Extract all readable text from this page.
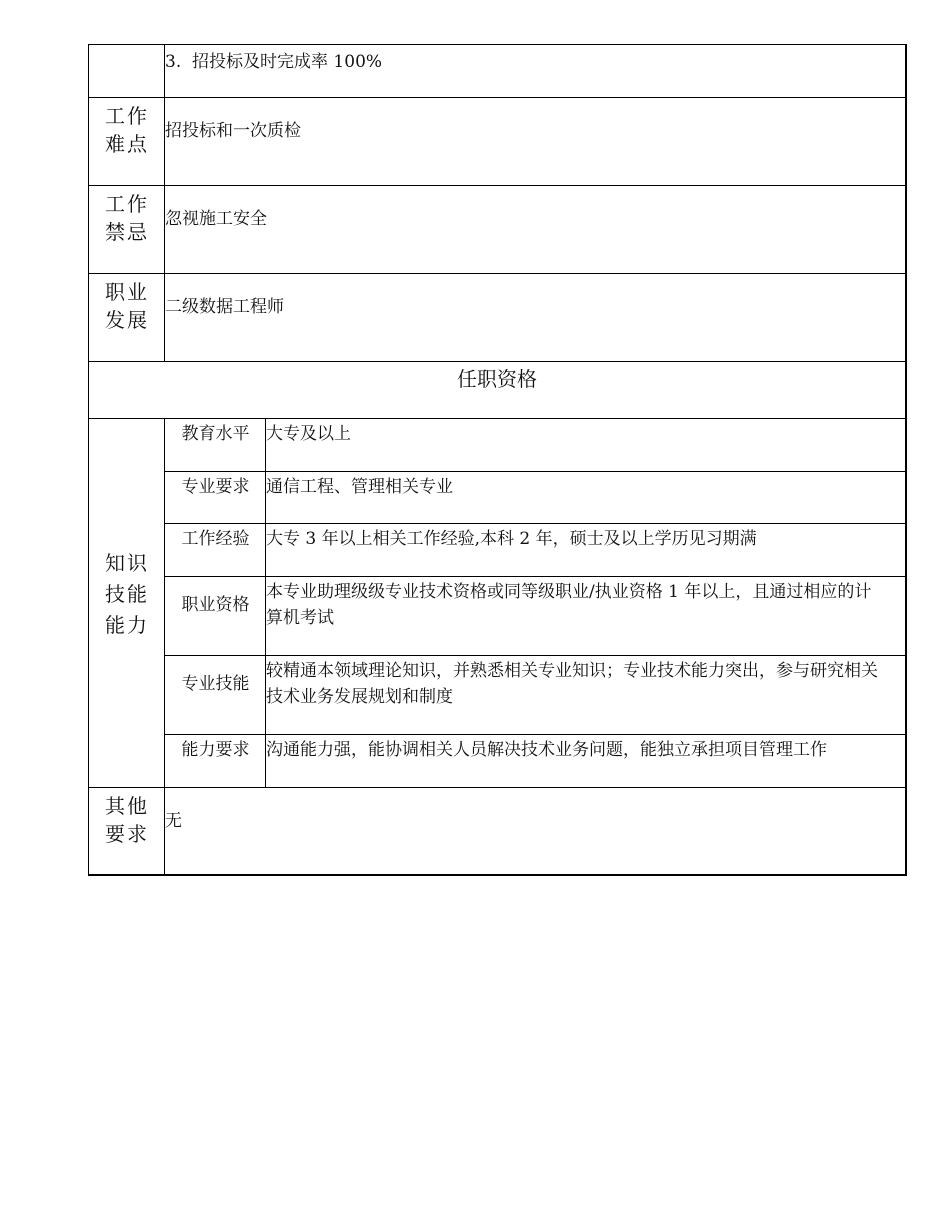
3.  招投标及时完成率 100%
工作
难点
招投标和一次质检
工作
禁忌
忽视施工安全
职业
发展
二级数据工程师
任职资格
知识
技能
能力
教育水平 大专及以上
专业要求 通信工程、管理相关专业
工作经验 大专 3 年以上相关工作经验,本科 2 年，硕士及以上学历见习期满
职业资格
本专业助理级级专业技术资格或同等级职业/执业资格 1 年以上，且通过相应的计算机考试
专业技能
较精通本领域理论知识，并熟悉相关专业知识；专业技术能力突出，参与研究相关技术业务发展规划和制度
能力要求 沟通能力强，能协调相关人员解决技术业务问题，能独立承担项目管理工作
其他
要求
无
